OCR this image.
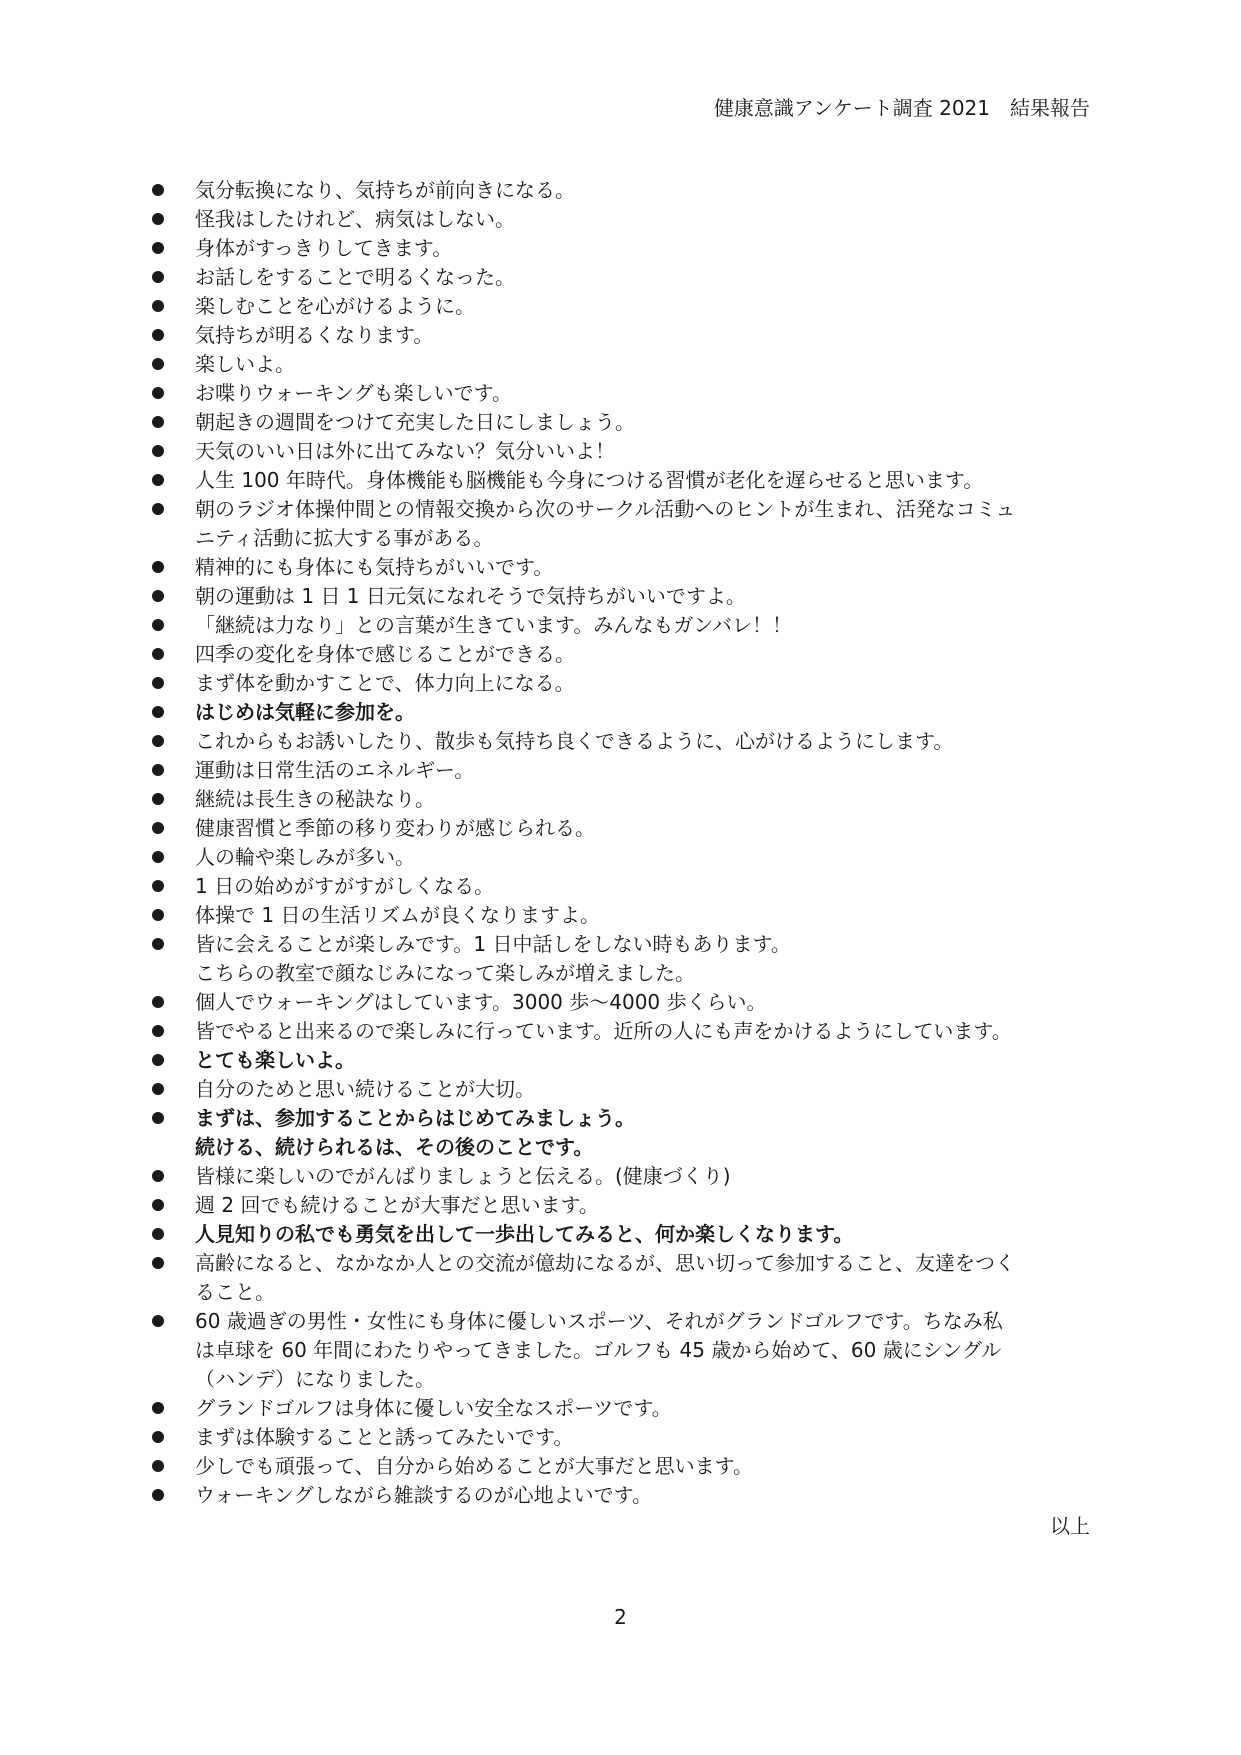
健康意識アンケート調査 2021　結果報告
気分転換になり、気持ちが前向きになる。
怪我はしたけれど、病気はしない。
身体がすっきりしてきます。
お話しをすることで明るくなった。
楽しむことを心がけるように。
気持ちが明るくなります。
楽しいよ。
お喋りウォーキングも楽しいです。
朝起きの週間をつけて充実した日にしましょう。
天気のいい日は外に出てみない？気分いいよ！
人生 100 年時代。身体機能も脳機能も今身につける習慣が老化を遅らせると思います。
朝のラジオ体操仲間との情報交換から次のサークル活動へのヒントが生まれ、活発なコミュ
ニティ活動に拡大する事がある。
精神的にも身体にも気持ちがいいです。
朝の運動は 1 日 1 日元気になれそうで気持ちがいいですよ。
「継続は力なり」との言葉が生きています。みんなもガンバレ！！
四季の変化を身体で感じることができる。
まず体を動かすことで、体力向上になる。
はじめは気軽に参加を。
これからもお誘いしたり、散歩も気持ち良くできるように、心がけるようにします。
運動は日常生活のエネルギー。
継続は長生きの秘訣なり。
健康習慣と季節の移り変わりが感じられる。
人の輪や楽しみが多い。
1 日の始めがすがすがしくなる。
体操で 1 日の生活リズムが良くなりますよ。
皆に会えることが楽しみです。1 日中話しをしない時もあります。
こちらの教室で顔なじみになって楽しみが増えました。
個人でウォーキングはしています。3000 歩～4000 歩くらい。
皆でやると出来るので楽しみに行っています。近所の人にも声をかけるようにしています。
とても楽しいよ。
自分のためと思い続けることが大切。
まずは、参加することからはじめてみましょう。
続ける、続けられるは、その後のことです。
皆様に楽しいのでがんばりましょうと伝える。(健康づくり)
週 2 回でも続けることが大事だと思います。
人見知りの私でも勇気を出して一歩出してみると、何か楽しくなります。
高齢になると、なかなか人との交流が億劫になるが、思い切って参加すること、友達をつく
ること。
60 歳過ぎの男性・女性にも身体に優しいスポーツ、それがグランドゴルフです。ちなみ私
は卓球を 60 年間にわたりやってきました。ゴルフも 45 歳から始めて、60 歳にシングル
（ハンデ）になりました。
グランドゴルフは身体に優しい安全なスポーツです。
まずは体験することと誘ってみたいです。
少しでも頑張って、自分から始めることが大事だと思います。
ウォーキングしながら雑談するのが心地よいです。
以上
2
